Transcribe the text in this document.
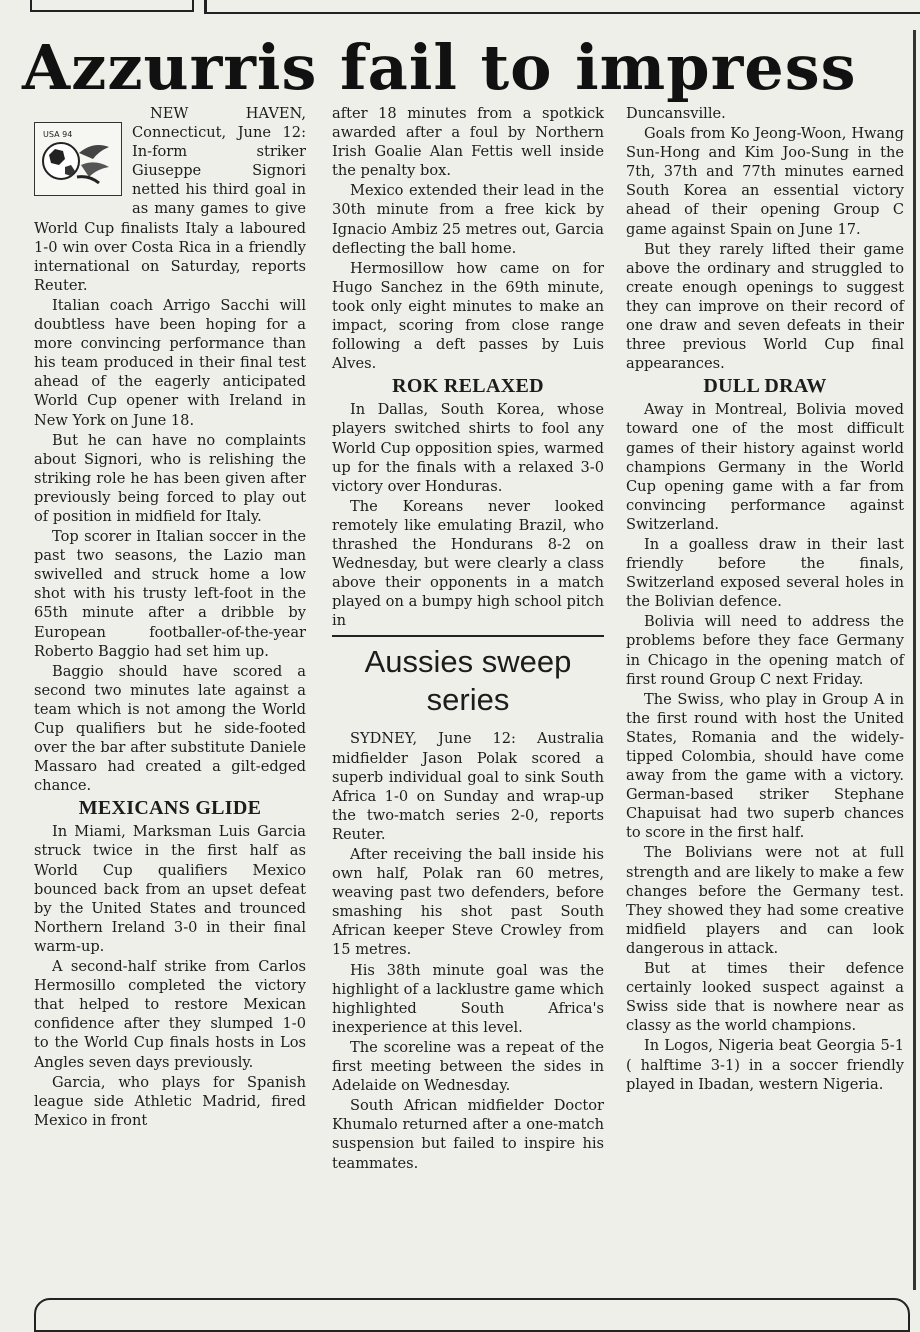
Azzurris fail to impress
USA 94

NEW HAVEN, Connecticut, June 12: In-form striker Giuseppe Signori netted his third goal in as many games to give World Cup finalists Italy a laboured 1-0 win over Costa Rica in a friendly international on Saturday, reports Reuter.

Italian coach Arrigo Sacchi will doubtless have been hoping for a more convincing performance than his team produced in their final test ahead of the eagerly anticipated World Cup opener with Ireland in New York on June 18.

But he can have no complaints about Signori, who is relishing the striking role he has been given after previously being forced to play out of position in midfield for Italy.

Top scorer in Italian soccer in the past two seasons, the Lazio man swivelled and struck home a low shot with his trusty left-foot in the 65th minute after a dribble by European footballer-of-the-year Roberto Baggio had set him up.

Baggio should have scored a second two minutes late against a team which is not among the World Cup qualifiers but he side-footed over the bar after substitute Daniele Massaro had created a gilt-edged chance.

MEXICANS GLIDE

In Miami, Marksman Luis Garcia struck twice in the first half as World Cup qualifiers Mexico bounced back from an upset defeat by the United States and trounced Northern Ireland 3-0 in their final warm-up.

A second-half strike from Carlos Hermosillo completed the victory that helped to restore Mexican confidence after they slumped 1-0 to the World Cup finals hosts in Los Angles seven days previously.

Garcia, who plays for Spanish league side Athletic Madrid, fired Mexico in front

after 18 minutes from a spotkick awarded after a foul by Northern Irish Goalie Alan Fettis well inside the penalty box.

Mexico extended their lead in the 30th minute from a free kick by Ignacio Ambiz 25 metres out, Garcia deflecting the ball home.

Hermosillow how came on for Hugo Sanchez in the 69th minute, took only eight minutes to make an impact, scoring from close range following a deft passes by Luis Alves.

ROK RELAXED

In Dallas, South Korea, whose players switched shirts to fool any World Cup opposition spies, warmed up for the finals with a relaxed 3-0 victory over Honduras.

The Koreans never looked remotely like emulating Brazil, who thrashed the Hondurans 8-2 on Wednesday, but were clearly a class above their opponents in a match played on a bumpy high school pitch in

Aussies sweep series

SYDNEY, June 12: Australia midfielder Jason Polak scored a superb individual goal to sink South Africa 1-0 on Sunday and wrap-up the two-match series 2-0, reports Reuter.

After receiving the ball inside his own half, Polak ran 60 metres, weaving past two defenders, before smashing his shot past South African keeper Steve Crowley from 15 metres.

His 38th minute goal was the highlight of a lacklustre game which highlighted South Africa's inexperience at this level.

The scoreline was a repeat of the first meeting between the sides in Adelaide on Wednesday.

South African midfielder Doctor Khumalo returned after a one-match suspension but failed to inspire his teammates.

Duncansville.

Goals from Ko Jeong-Woon, Hwang Sun-Hong and Kim Joo-Sung in the 7th, 37th and 77th minutes earned South Korea an essential victory ahead of their opening Group C game against Spain on June 17.

But they rarely lifted their game above the ordinary and struggled to create enough openings to suggest they can improve on their record of one draw and seven defeats in their three previous World Cup final appearances.

DULL DRAW

Away in Montreal, Bolivia moved toward one of the most difficult games of their history against world champions Germany in the World Cup opening game with a far from convincing performance against Switzerland.

In a goalless draw in their last friendly before the finals, Switzerland exposed several holes in the Bolivian defence.

Bolivia will need to address the problems before they face Germany in Chicago in the opening match of first round Group C next Friday.

The Swiss, who play in Group A in the first round with host the United States, Romania and the widely-tipped Colombia, should have come away from the game with a victory. German-based striker Stephane Chapuisat had two superb chances to score in the first half.

The Bolivians were not at full strength and are likely to make a few changes before the Germany test. They showed they had some creative midfield players and can look dangerous in attack.

But at times their defence certainly looked suspect against a Swiss side that is nowhere near as classy as the world champions.

In Logos, Nigeria beat Georgia 5-1 ( halftime 3-1) in a soccer friendly played in Ibadan, western Nigeria.
